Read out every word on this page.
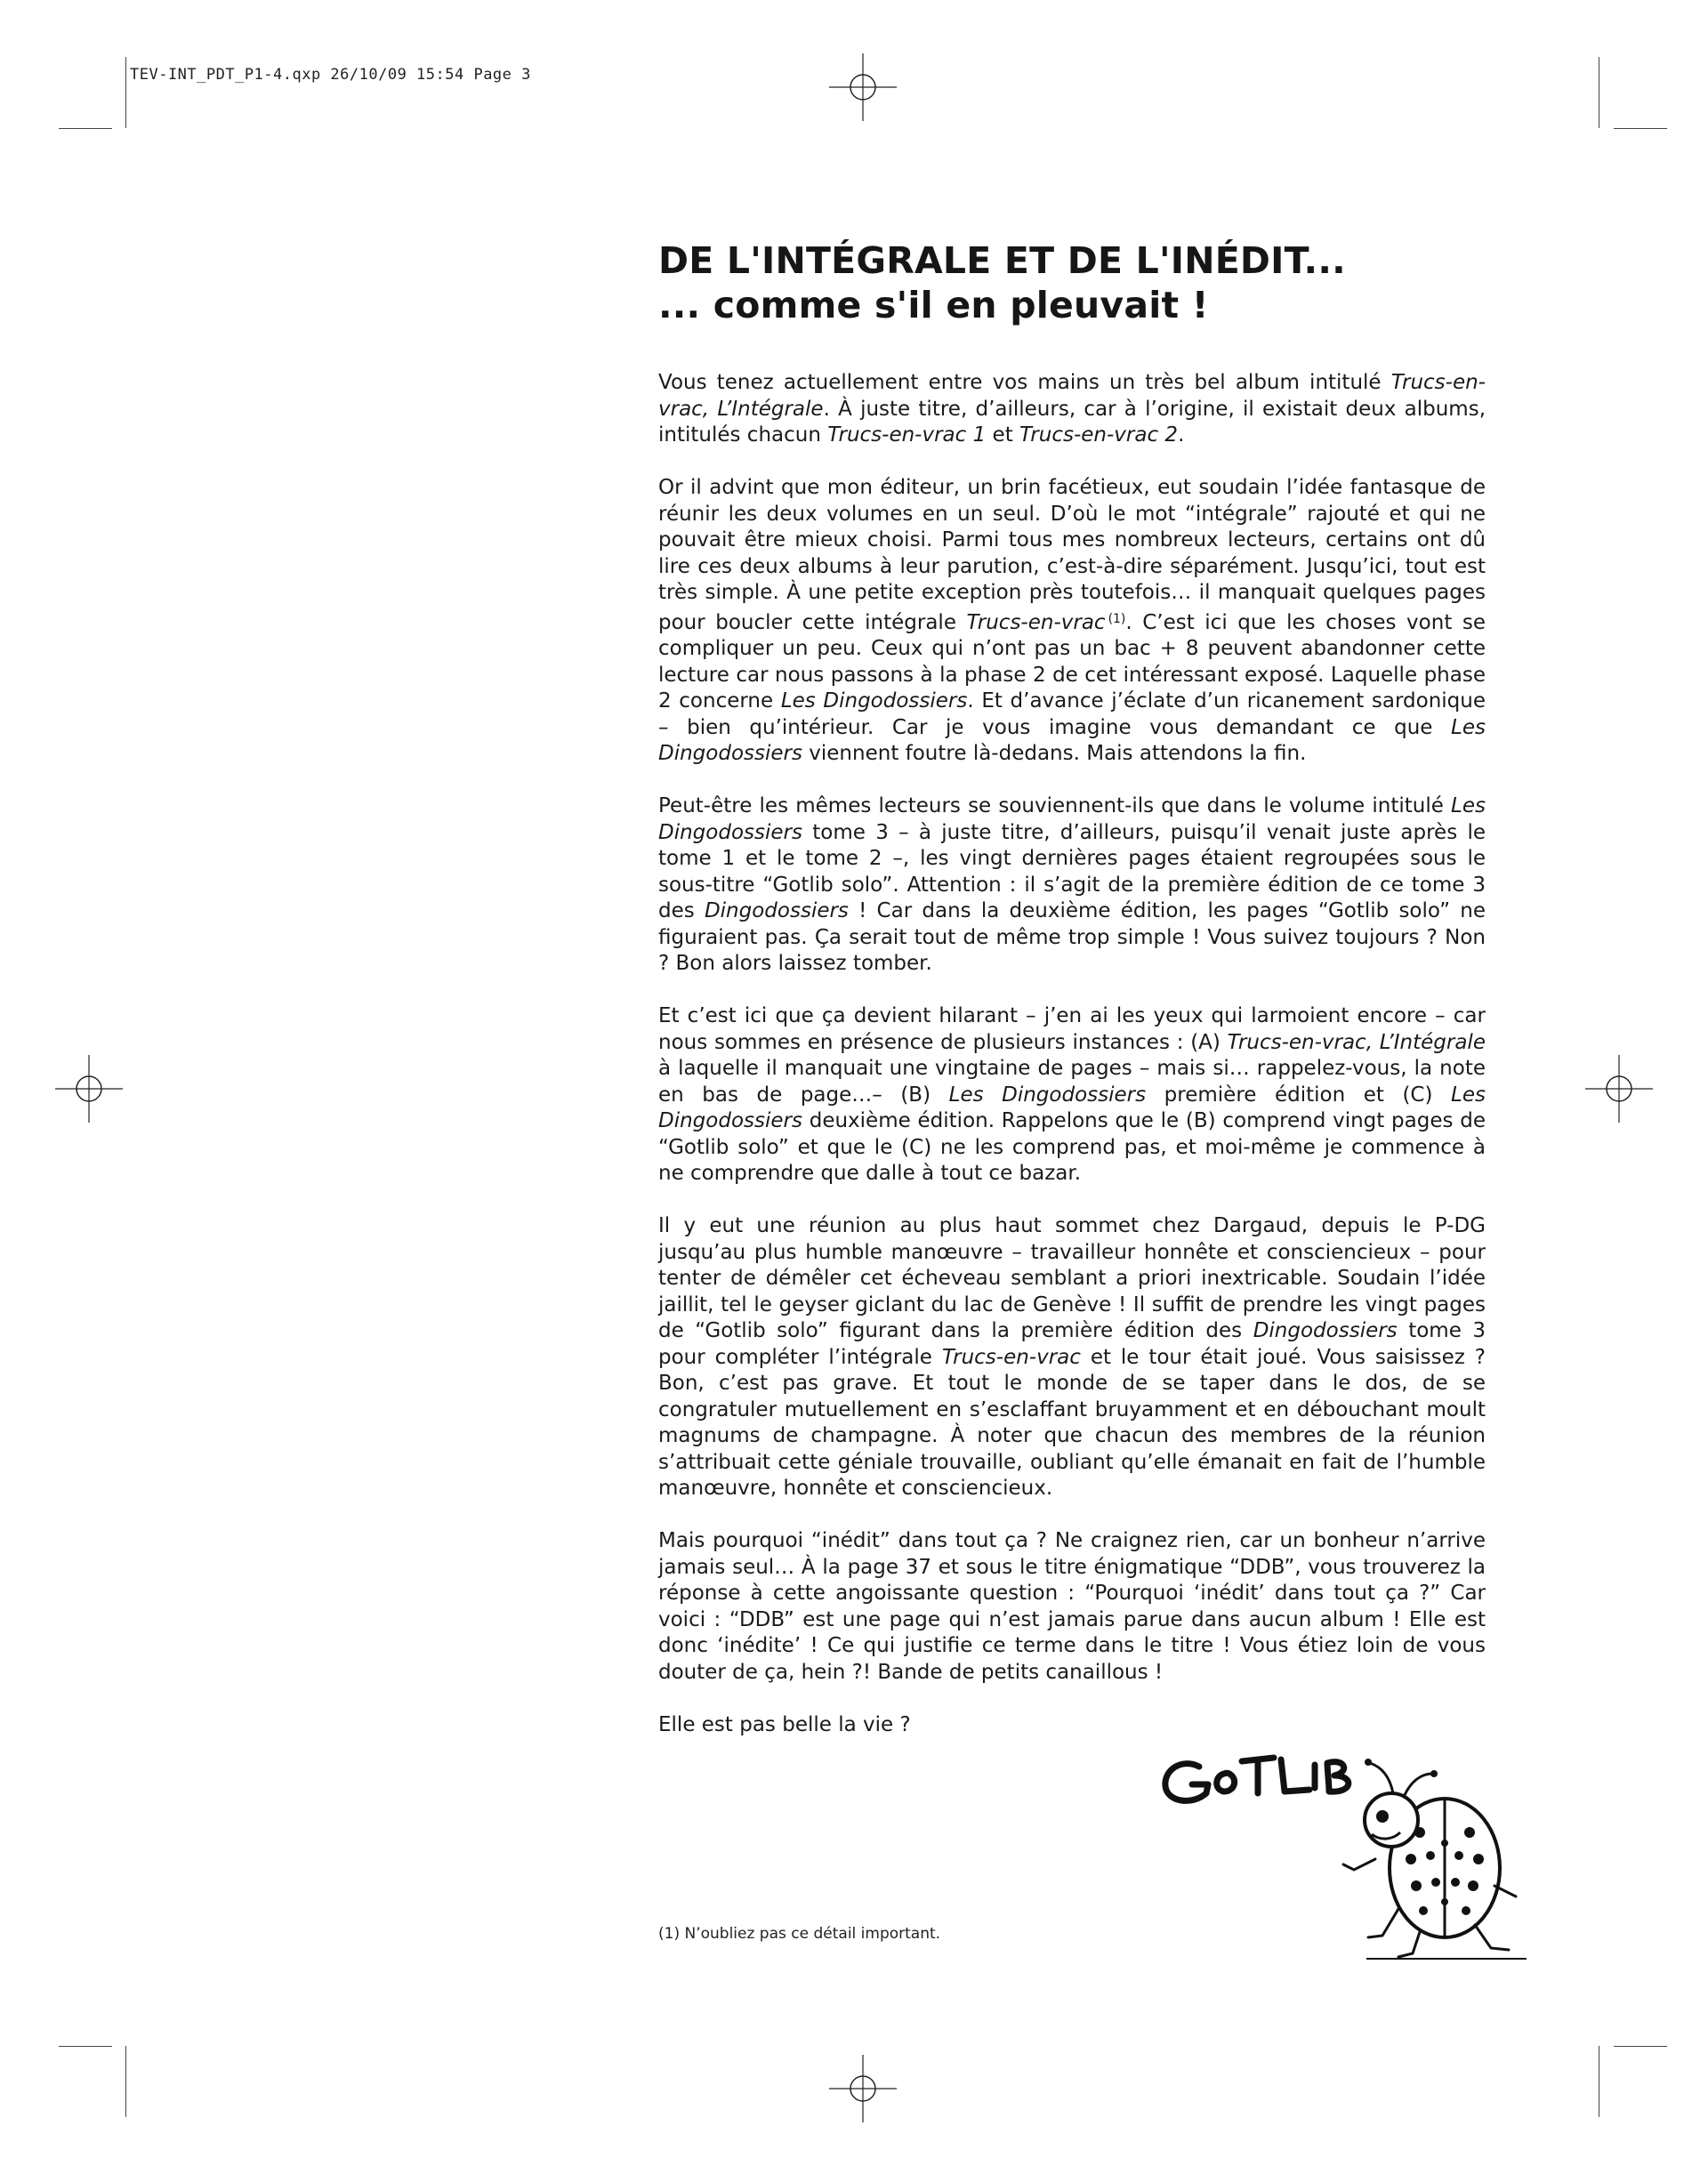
TEV-INT_PDT_P1-4.qxp 26/10/09 15:54 Page 3
DE L'INTÉGRALE ET DE L'INÉDIT...
... comme s'il en pleuvait !

Vous tenez actuellement entre vos mains un très bel album intitulé Trucs-en-vrac, L’Intégrale. À juste titre, d’ailleurs, car à l’origine, il existait deux albums, intitulés chacun Trucs-en-vrac 1 et Trucs-en-vrac 2.

Or il advint que mon éditeur, un brin facétieux, eut soudain l’idée fantasque de réunir les deux volumes en un seul. D’où le mot “intégrale” rajouté et qui ne pouvait être mieux choisi. Parmi tous mes nombreux lecteurs, certains ont dû lire ces deux albums à leur parution, c’est-à-dire séparément. Jusqu’ici, tout est très simple. À une petite exception près toutefois… il manquait quelques pages pour boucler cette intégrale Trucs-en-vrac $^{(1)}$. C’est ici que les choses vont se compliquer un peu. Ceux qui n’ont pas un bac + 8 peuvent abandonner cette lecture car nous passons à la phase 2 de cet intéressant exposé. Laquelle phase 2 concerne Les Dingodossiers. Et d’avance j’éclate d’un ricanement sardonique – bien qu’intérieur. Car je vous imagine vous demandant ce que Les Dingodossiers viennent foutre là-dedans. Mais attendons la fin.

Peut-être les mêmes lecteurs se souviennent-ils que dans le volume intitulé Les Dingodossiers tome 3 – à juste titre, d’ailleurs, puisqu’il venait juste après le tome 1 et le tome 2 –, les vingt dernières pages étaient regroupées sous le sous-titre “Gotlib solo”. Attention : il s’agit de la première édition de ce tome 3 des Dingodossiers ! Car dans la deuxième édition, les pages “Gotlib solo” ne figuraient pas. Ça serait tout de même trop simple ! Vous suivez toujours ? Non ? Bon alors laissez tomber.

Et c’est ici que ça devient hilarant – j’en ai les yeux qui larmoient encore – car nous sommes en présence de plusieurs instances : (A) Trucs-en-vrac, L’Intégrale à laquelle il manquait une vingtaine de pages – mais si… rappelez-vous, la note en bas de page…– (B) Les Dingodossiers première édition et (C) Les Dingodossiers deuxième édition. Rappelons que le (B) comprend vingt pages de “Gotlib solo” et que le (C) ne les comprend pas, et moi-même je commence à ne comprendre que dalle à tout ce bazar.

Il y eut une réunion au plus haut sommet chez Dargaud, depuis le P-DG jusqu’au plus humble manœuvre – travailleur honnête et consciencieux – pour tenter de démêler cet écheveau semblant a priori inextricable. Soudain l’idée jaillit, tel le geyser giclant du lac de Genève ! Il suffit de prendre les vingt pages de “Gotlib solo” figurant dans la première édition des Dingodossiers tome 3 pour compléter l’intégrale Trucs-en-vrac et le tour était joué. Vous saisissez ? Bon, c’est pas grave. Et tout le monde de se taper dans le dos, de se congratuler mutuellement en s’esclaffant bruyamment et en débouchant moult magnums de champagne. À noter que chacun des membres de la réunion s’attribuait cette géniale trouvaille, oubliant qu’elle émanait en fait de l’humble manœuvre, honnête et consciencieux.

Mais pourquoi “inédit” dans tout ça ? Ne craignez rien, car un bonheur n’arrive jamais seul… À la page 37 et sous le titre énigmatique “DDB”, vous trouverez la réponse à cette angoissante question : “Pourquoi ‘inédit’ dans tout ça ?” Car voici : “DDB” est une page qui n’est jamais parue dans aucun album ! Elle est donc ‘inédite’ ! Ce qui justifie ce terme dans le titre ! Vous étiez loin de vous douter de ça, hein ?! Bande de petits canaillous !

Elle est pas belle la vie ?

(1) N’oubliez pas ce détail important.
